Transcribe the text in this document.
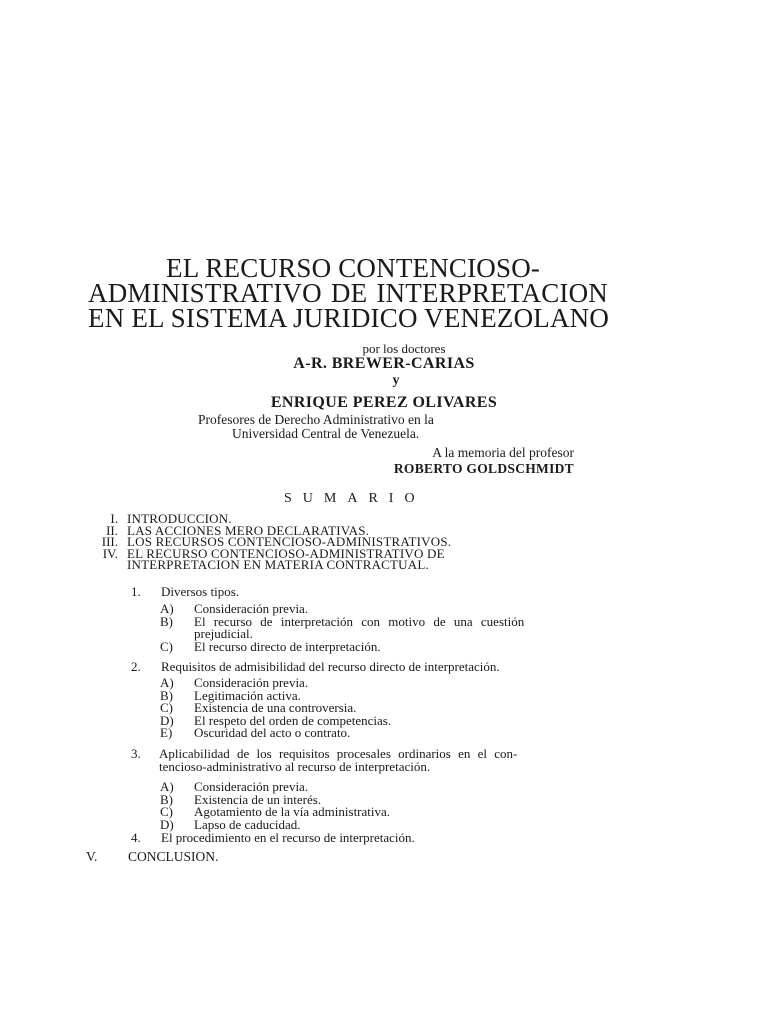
EL RECURSO CONTENCIOSO-
ADMINISTRATIVO DE INTERPRETACION
EN EL SISTEMA JURIDICO VENEZOLANO
por los doctores
A-R. BREWER-CARIAS
y
ENRIQUE PEREZ OLIVARES
Profesores de Derecho Administrativo en la
Universidad Central de Venezuela.
A la memoria del profesor
ROBERTO GOLDSCHMIDT
SUMARIO
I. INTRODUCCION.
II. LAS ACCIONES MERO DECLARATIVAS.
III. LOS RECURSOS CONTENCIOSO-ADMINISTRATIVOS.
IV. EL RECURSO CONTENCIOSO-ADMINISTRATIVO DE
INTERPRETACION EN MATERIA CONTRACTUAL.
1. Diversos tipos.
A) Consideración previa.
B) El recurso de interpretación con motivo de una cuestión
prejudicial.
C) El recurso directo de interpretación.
2. Requisitos de admisibilidad del recurso directo de interpretación.
A) Consideración previa.
B) Legitimación activa.
C) Existencia de una controversia.
D) El respeto del orden de competencias.
E) Oscuridad del acto o contrato.
3. Aplicabilidad de los requisitos procesales ordinarios en el con-
tencioso-administrativo al recurso de interpretación.
A) Consideración previa.
B) Existencia de un interés.
C) Agotamiento de la vía administrativa.
D) Lapso de caducidad.
4. El procedimiento en el recurso de interpretación.
V. CONCLUSION.
